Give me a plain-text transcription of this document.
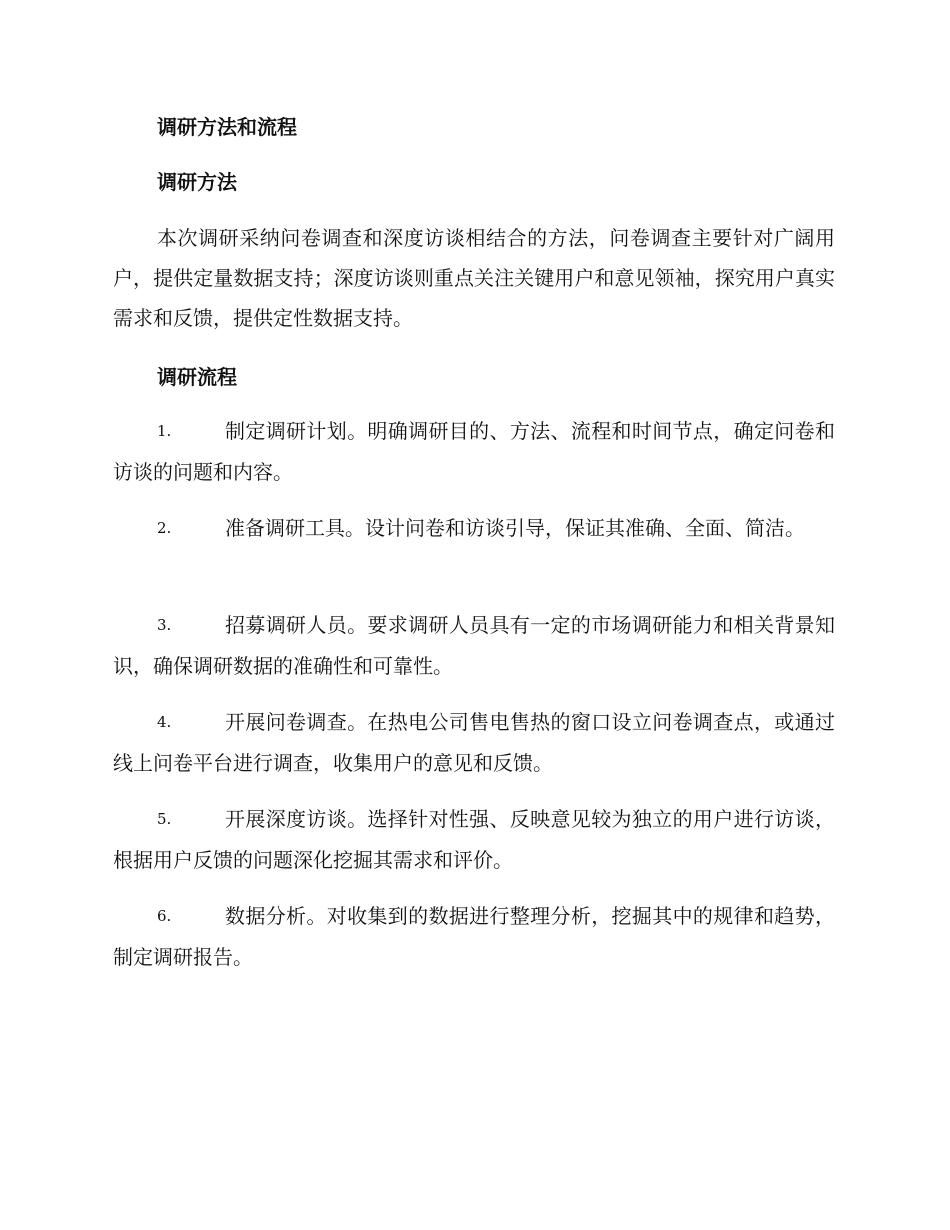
调研方法和流程
调研方法
本次调研采纳问卷调查和深度访谈相结合的方法，问卷调查主要针对广阔用户，提供定量数据支持；深度访谈则重点关注关键用户和意见领袖，探究用户真实需求和反馈，提供定性数据支持。
调研流程
1.	制定调研计划。明确调研目的、方法、流程和时间节点，确定问卷和访谈的问题和内容。
2.	准备调研工具。设计问卷和访谈引导，保证其准确、全面、简洁。
3.	招募调研人员。要求调研人员具有一定的市场调研能力和相关背景知识，确保调研数据的准确性和可靠性。
4.	开展问卷调查。在热电公司售电售热的窗口设立问卷调查点，或通过线上问卷平台进行调查，收集用户的意见和反馈。
5.	开展深度访谈。选择针对性强、反映意见较为独立的用户进行访谈，根据用户反馈的问题深化挖掘其需求和评价。
6.	数据分析。对收集到的数据进行整理分析，挖掘其中的规律和趋势，制定调研报告。
